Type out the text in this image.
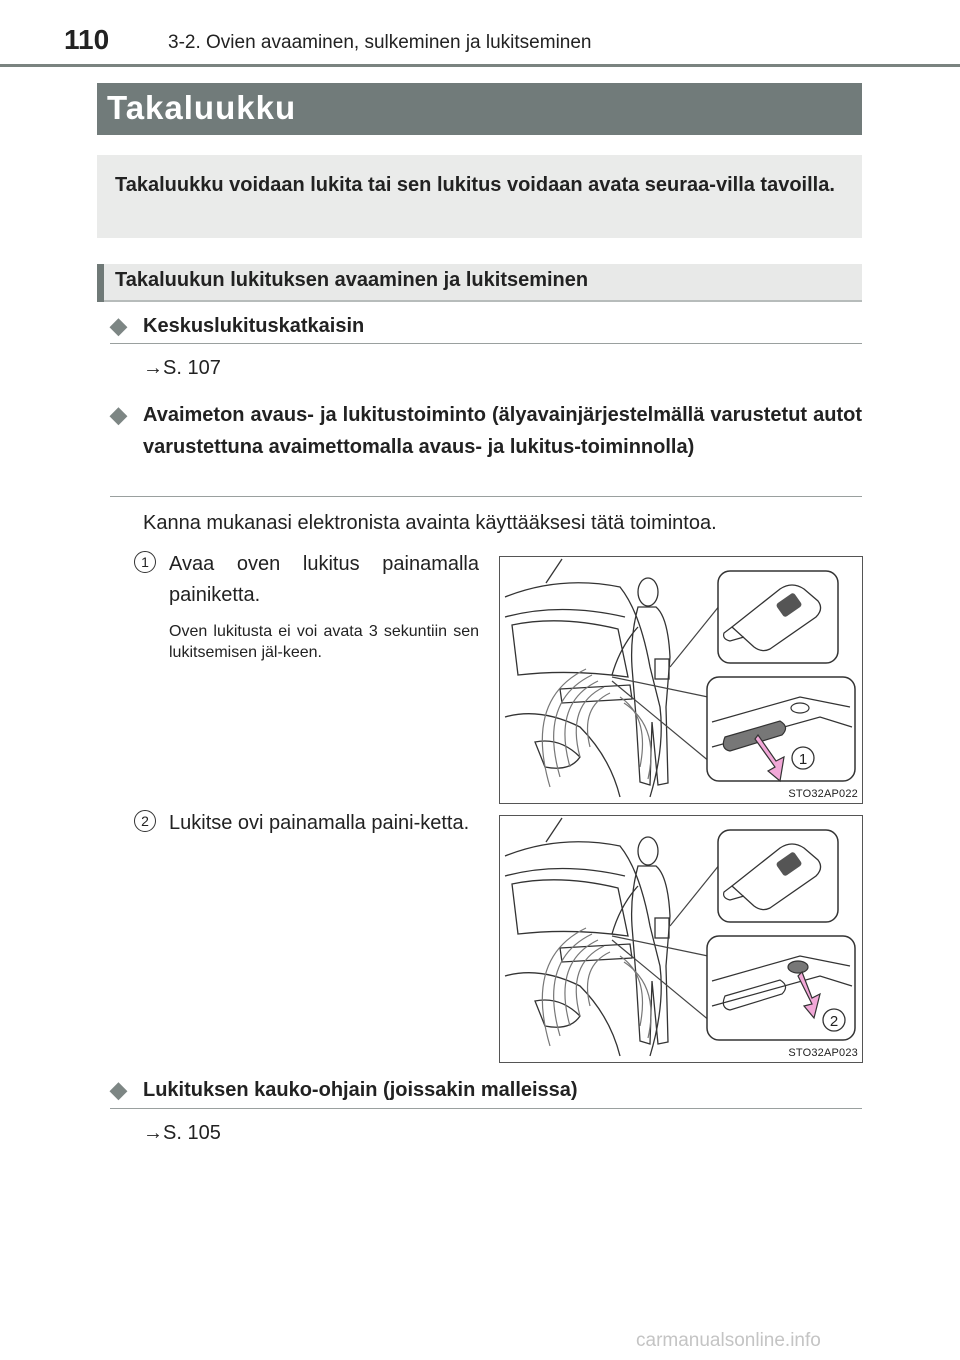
110	3-2. Ovien avaaminen, sulkeminen ja lukitseminen
Takaluukku
Takaluukku voidaan lukita tai sen lukitus voidaan avata seuraa-villa tavoilla.
Takaluukun lukituksen avaaminen ja lukitseminen
◆ Keskuslukituskatkaisin
→S. 107
◆ Avaimeton avaus- ja lukitustoiminto (älyavainjärjestelmällä varustetut autot varustettuna avaimettomalla avaus- ja lukitus-toiminnolla)
Kanna mukanasi elektronista avainta käyttääksesi tätä toimintoa.
1	Avaa oven lukitus painamalla painiketta.
Oven lukitusta ei voi avata 3 sekuntiin sen lukitsemisen jäl-keen.
1
STO32AP022
2	Lukitse ovi painamalla paini-ketta.
2
STO32AP023
◆ Lukituksen kauko-ohjain (joissakin malleissa)
→S. 105
carmanualsonline.info
